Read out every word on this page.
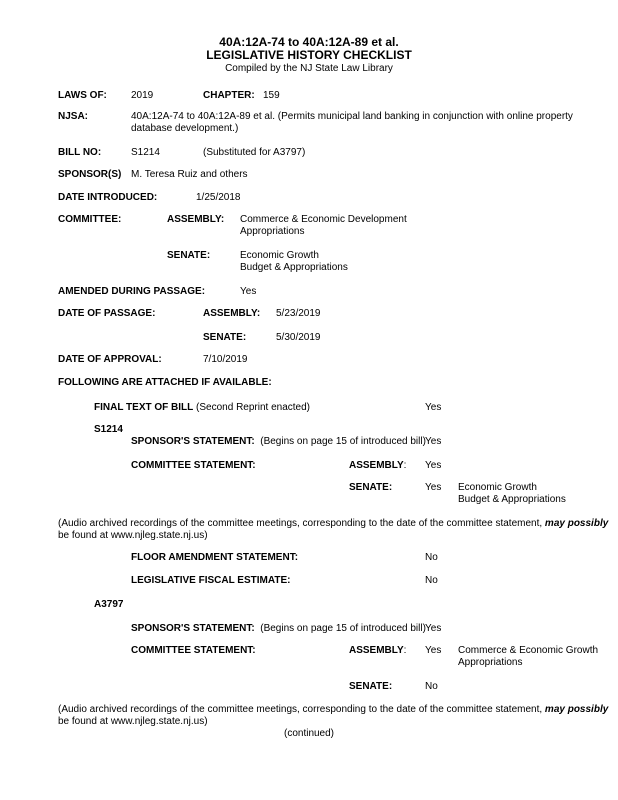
40A:12A-74 to 40A:12A-89 et al.
LEGISLATIVE HISTORY CHECKLIST
Compiled by the NJ State Law Library
LAWS OF: 2019	CHAPTER: 159
NJSA:	40A:12A-74 to 40A:12A-89 et al. (Permits municipal land banking in conjunction with online property
database development.)
BILL NO:	S1214	(Substituted for A3797)
SPONSOR(S) M. Teresa Ruiz and others
DATE INTRODUCED:	1/25/2018
COMMITTEE:	ASSEMBLY: Commerce & Economic Development
Appropriations
SENATE:	Economic Growth
Budget & Appropriations
AMENDED DURING PASSAGE:	Yes
DATE OF PASSAGE:	ASSEMBLY: 5/23/2019
SENATE:	5/30/2019
DATE OF APPROVAL:	7/10/2019
FOLLOWING ARE ATTACHED IF AVAILABLE:
FINAL TEXT OF BILL (Second Reprint enacted)	Yes
S1214
SPONSOR'S STATEMENT: (Begins on page 15 of introduced bill) Yes
COMMITTEE STATEMENT:	ASSEMBLY: Yes
SENATE:	Yes Economic Growth
Budget & Appropriations
(Audio archived recordings of the committee meetings, corresponding to the date of the committee statement, may possibly
be found at www.njleg.state.nj.us)
FLOOR AMENDMENT STATEMENT:	No
LEGISLATIVE FISCAL ESTIMATE:	No
A3797
SPONSOR'S STATEMENT: (Begins on page 15 of introduced bill) Yes
COMMITTEE STATEMENT:	ASSEMBLY: Yes Commerce & Economic Growth
Appropriations
SENATE:	No
(Audio archived recordings of the committee meetings, corresponding to the date of the committee statement, may possibly
be found at www.njleg.state.nj.us)
(continued)
